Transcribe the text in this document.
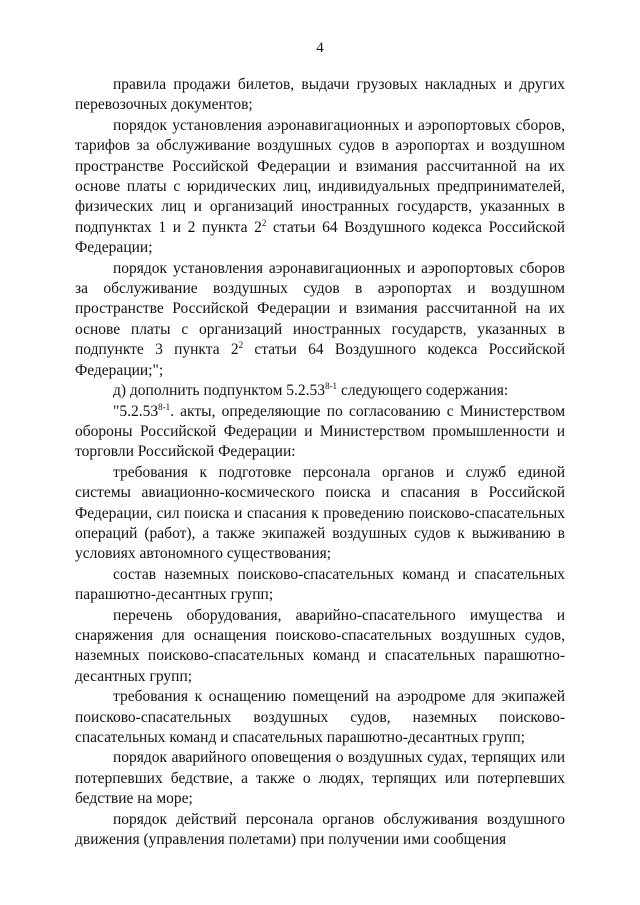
4

правила продажи билетов, выдачи грузовых накладных и других перевозочных документов;

порядок установления аэронавигационных и аэропортовых сборов, тарифов за обслуживание воздушных судов в аэропортах и воздушном пространстве Российской Федерации и взимания рассчитанной на их основе платы с юридических лиц, индивидуальных предпринимателей, физических лиц и организаций иностранных государств, указанных в подпунктах 1 и 2 пункта $2^2$ статьи 64 Воздушного кодекса Российской Федерации;

порядок установления аэронавигационных и аэропортовых сборов за обслуживание воздушных судов в аэропортах и воздушном пространстве Российской Федерации и взимания рассчитанной на их основе платы с организаций иностранных государств, указанных в подпункте 3 пункта $2^2$ статьи 64 Воздушного кодекса Российской Федерации;";

д) дополнить подпунктом 5.2.53$^{8-1}$ следующего содержания:

"5.2.53$^{8-1}$. акты, определяющие по согласованию с Министерством обороны Российской Федерации и Министерством промышленности и торговли Российской Федерации:

требования к подготовке персонала органов и служб единой системы авиационно-космического поиска и спасания в Российской Федерации, сил поиска и спасания к проведению поисково-спасательных операций (работ), а также экипажей воздушных судов к выживанию в условиях автономного существования;

состав наземных поисково-спасательных команд и спасательных парашютно-десантных групп;

перечень оборудования, аварийно-спасательного имущества и снаряжения для оснащения поисково-спасательных воздушных судов, наземных поисково-спасательных команд и спасательных парашютно-десантных групп;

требования к оснащению помещений на аэродроме для экипажей поисково-спасательных воздушных судов, наземных поисково-спасательных команд и спасательных парашютно-десантных групп;

порядок аварийного оповещения о воздушных судах, терпящих или потерпевших бедствие, а также о людях, терпящих или потерпевших бедствие на море;

порядок действий персонала органов обслуживания воздушного движения (управления полетами) при получении ими сообщения
